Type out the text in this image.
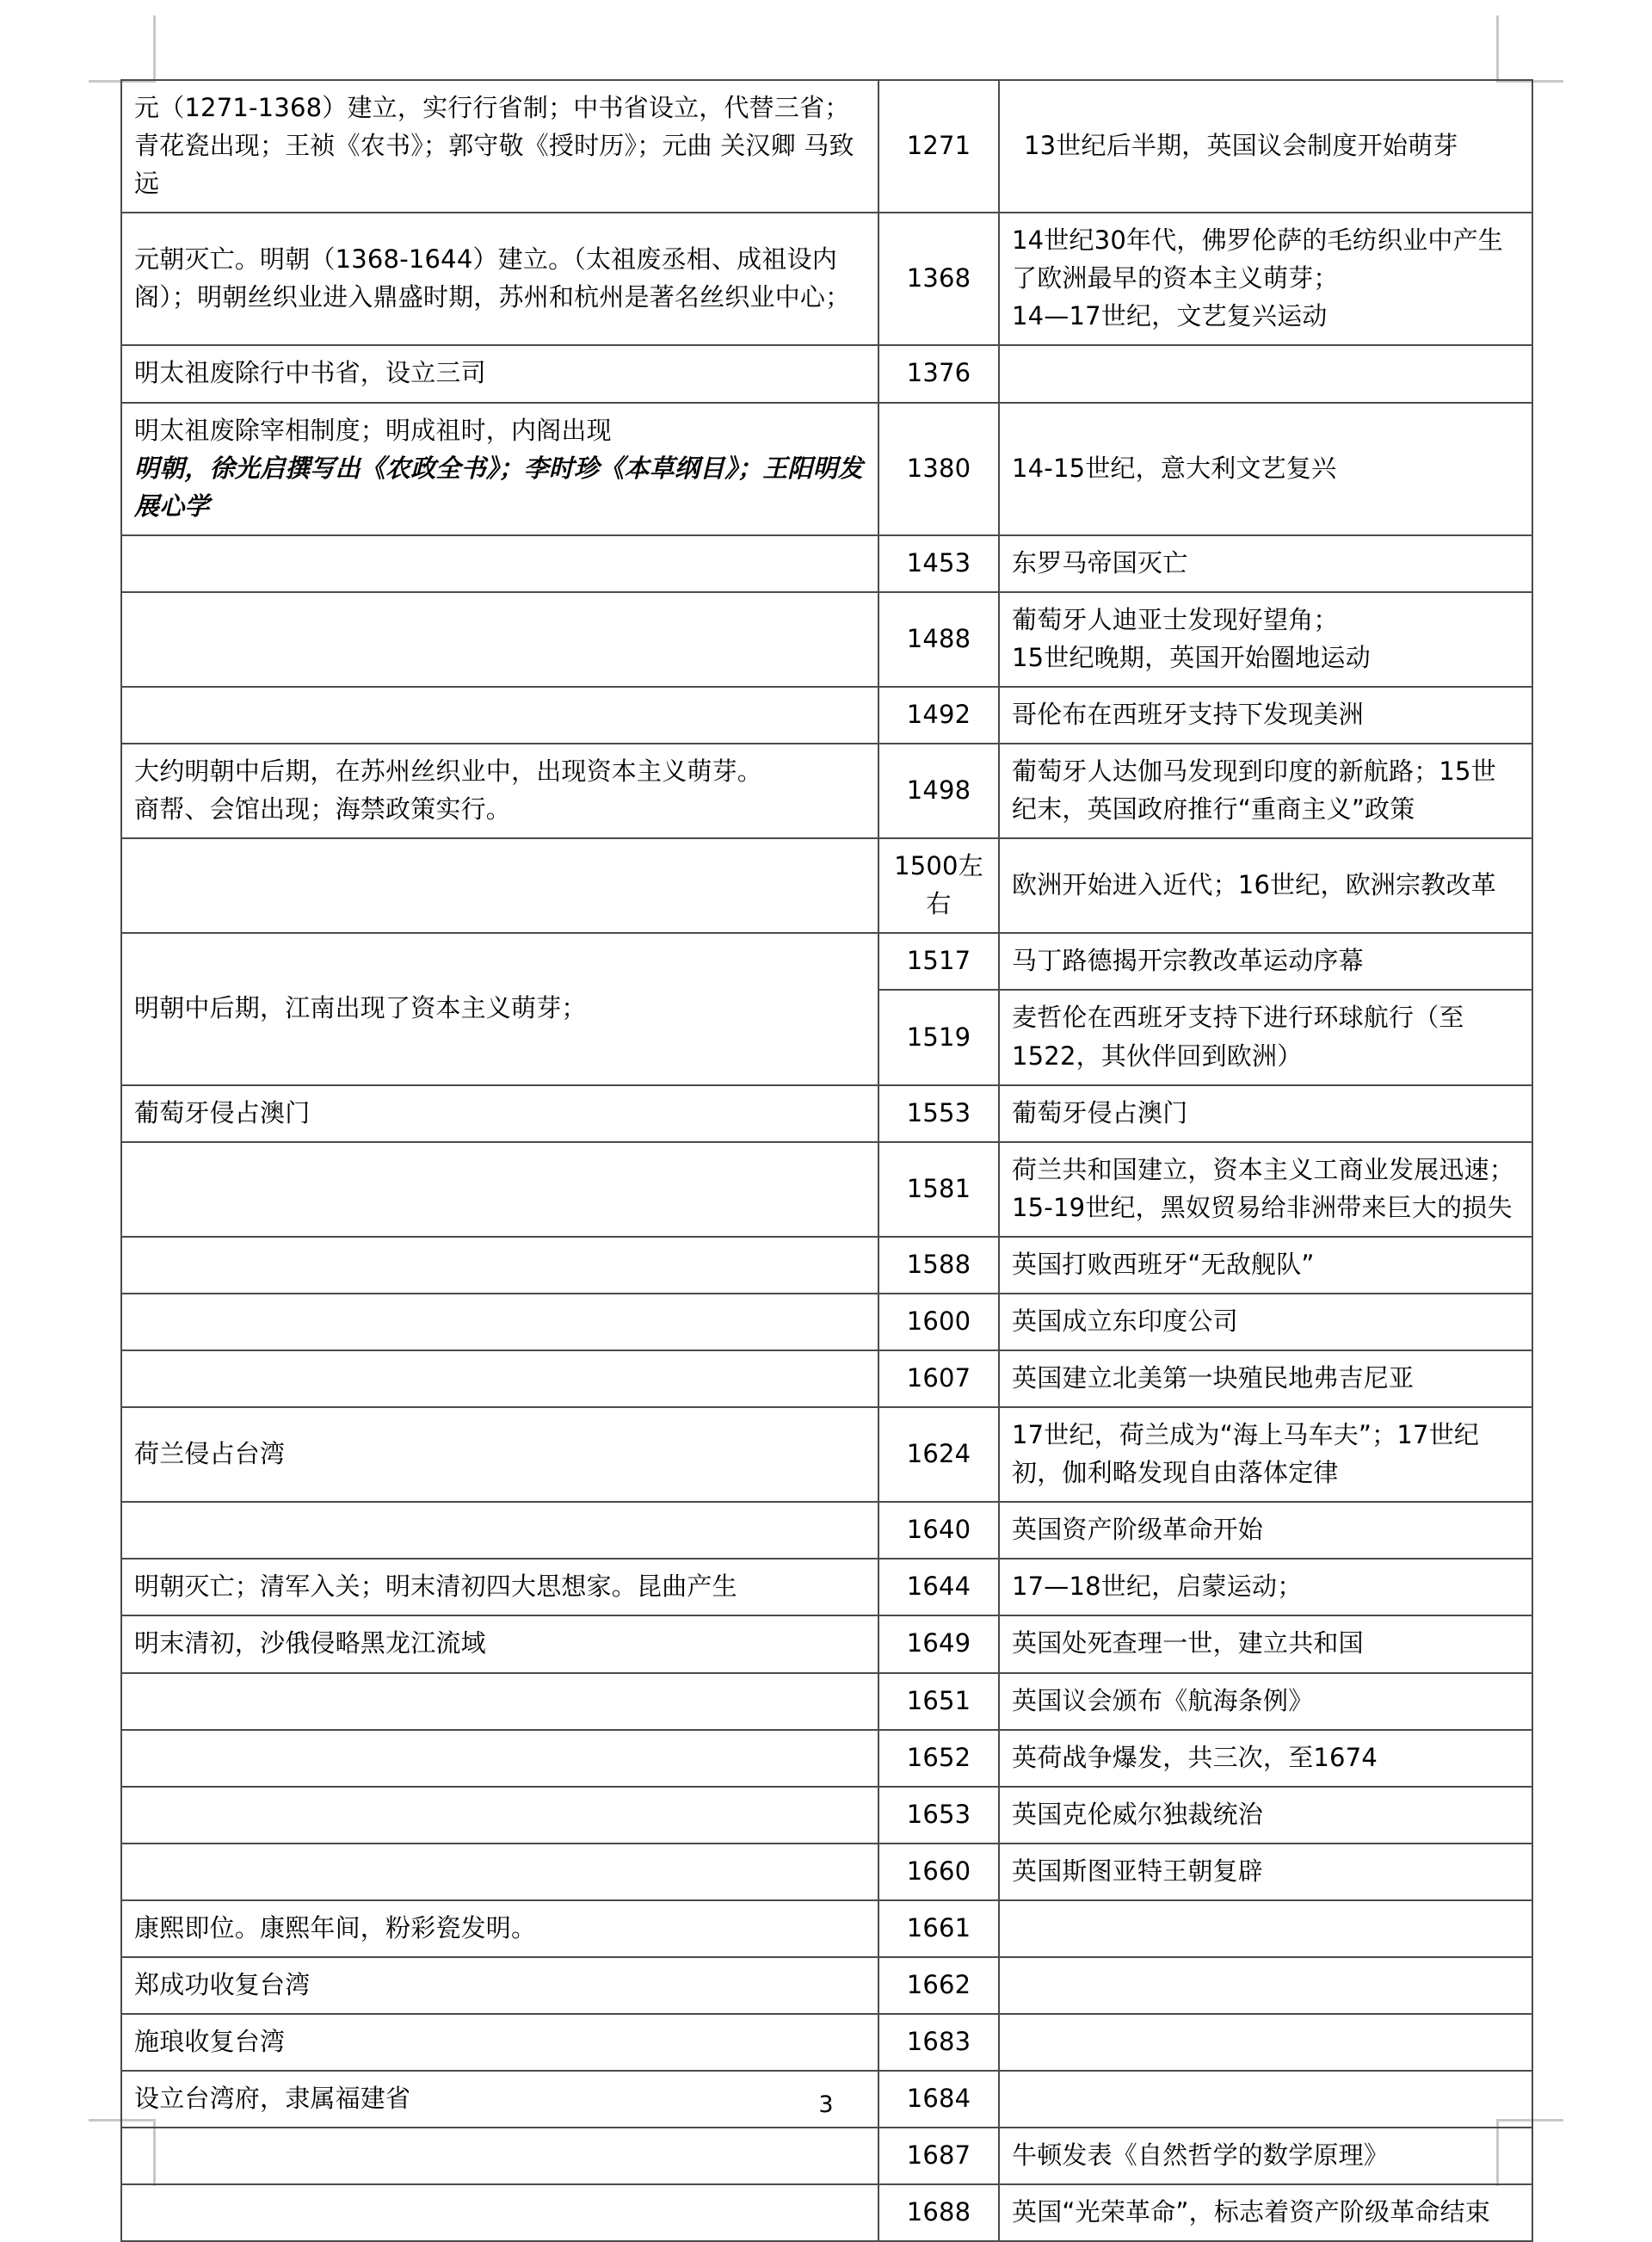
元（1271-1368）建立，实行行省制；中书省设立，代替三省；青花瓷出现；王祯《农书》；郭守敬《授时历》；元曲 关汉卿 马致远	1271	13世纪后半期，英国议会制度开始萌芽

元朝灭亡。明朝（1368-1644）建立。（太祖废丞相、成祖设内阁）；明朝丝织业进入鼎盛时期，苏州和杭州是著名丝织业中心；	1368	14世纪30年代，佛罗伦萨的毛纺织业中产生了欧洲最早的资本主义萌芽；
14—17世纪，文艺复兴运动

明太祖废除行中书省，设立三司	1376	

明太祖废除宰相制度；明成祖时，内阁出现
明朝，徐光启撰写出《农政全书》；李时珍《本草纲目》；王阳明发展心学	1380	14-15世纪，意大利文艺复兴

	1453	东罗马帝国灭亡

	1488	葡萄牙人迪亚士发现好望角；
15世纪晚期，英国开始圈地运动

	1492	哥伦布在西班牙支持下发现美洲

大约明朝中后期，在苏州丝织业中，出现资本主义萌芽。
商帮、会馆出现；海禁政策实行。	1498	葡萄牙人达伽马发现到印度的新航路；15世纪末，英国政府推行“重商主义”政策

	1500左右	欧洲开始进入近代；16世纪，欧洲宗教改革

明朝中后期，江南出现了资本主义萌芽；	1517	马丁路德揭开宗教改革运动序幕

	1519	麦哲伦在西班牙支持下进行环球航行（至1522，其伙伴回到欧洲）

葡萄牙侵占澳门	1553	葡萄牙侵占澳门

	1581	荷兰共和国建立，资本主义工商业发展迅速；15-19世纪，黑奴贸易给非洲带来巨大的损失

	1588	英国打败西班牙“无敌舰队”

	1600	英国成立东印度公司

	1607	英国建立北美第一块殖民地弗吉尼亚

荷兰侵占台湾	1624	17世纪，荷兰成为“海上马车夫”；17世纪初，伽利略发现自由落体定律

	1640	英国资产阶级革命开始

明朝灭亡；清军入关；明末清初四大思想家。昆曲产生	1644	17—18世纪，启蒙运动；

明末清初，沙俄侵略黑龙江流域	1649	英国处死查理一世，建立共和国

	1651	英国议会颁布《航海条例》

	1652	英荷战争爆发，共三次，至1674

	1653	英国克伦威尔独裁统治

	1660	英国斯图亚特王朝复辟

康熙即位。康熙年间，粉彩瓷发明。	1661	

郑成功收复台湾	1662	

施琅收复台湾	1683	

设立台湾府，隶属福建省	1684	

	1687	牛顿发表《自然哲学的数学原理》

	1688	英国“光荣革命”，标志着资产阶级革命结束
3
